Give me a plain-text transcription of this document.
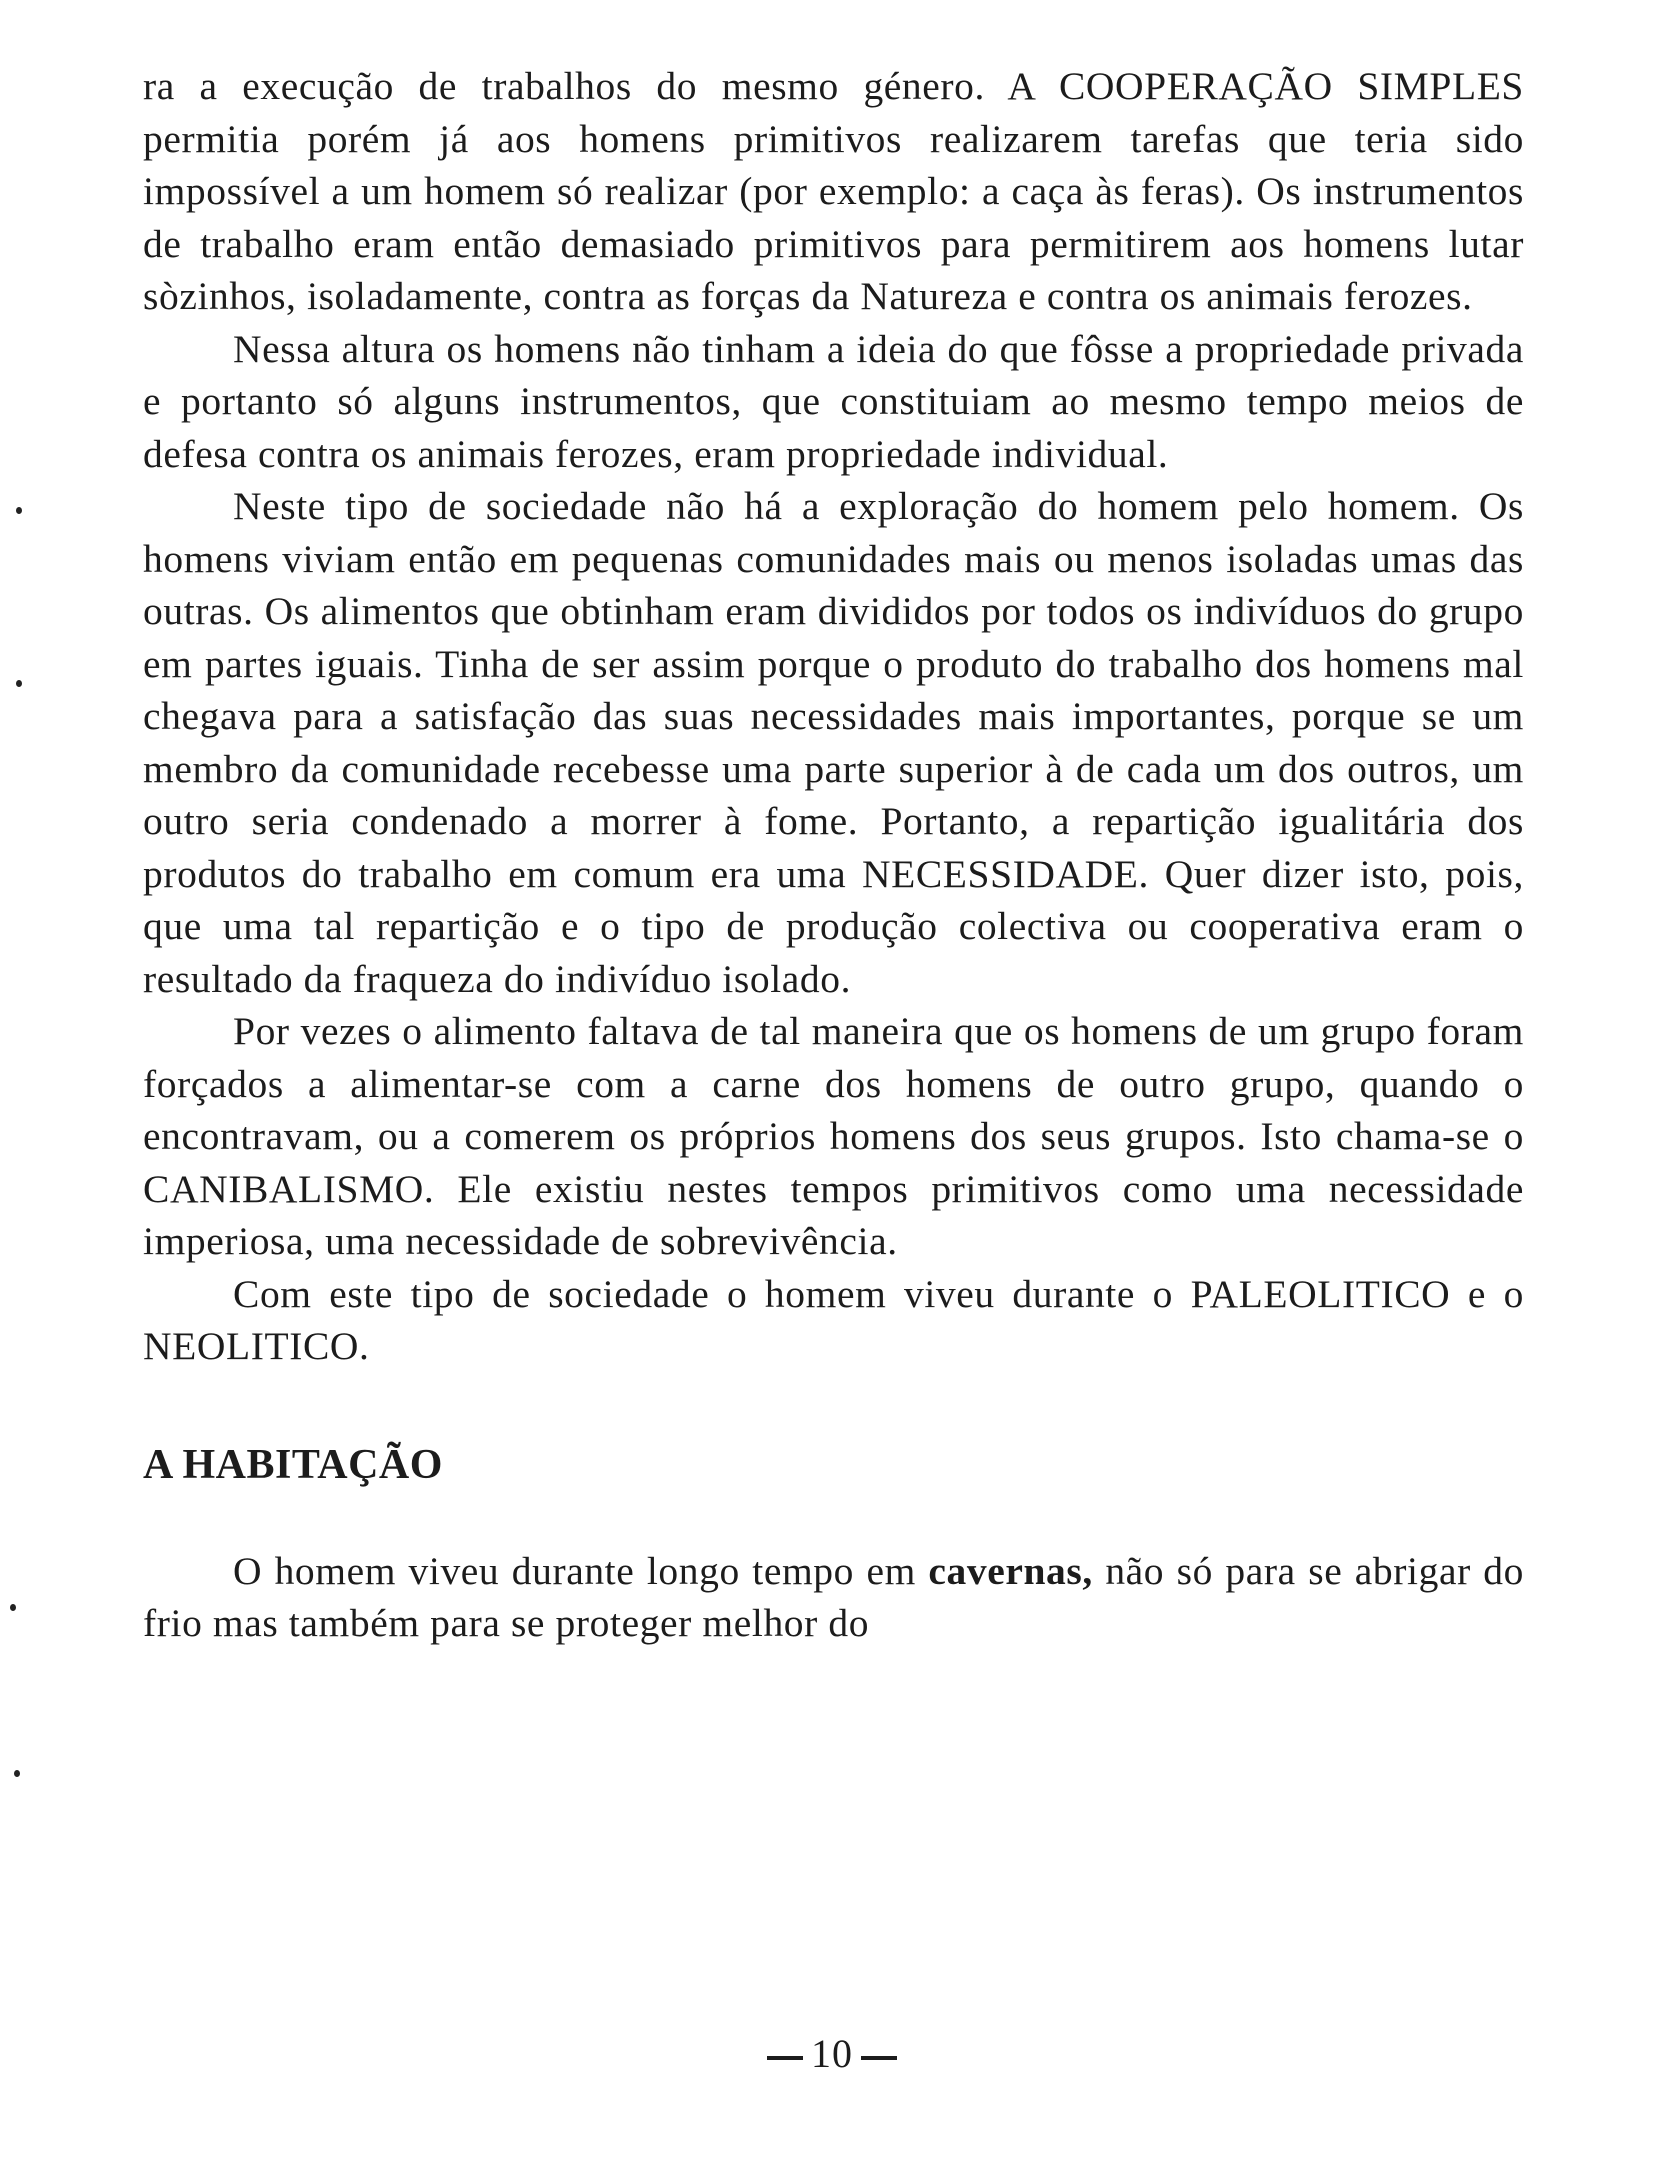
ra a execução de trabalhos do mesmo género. A COOPERAÇÃO SIMPLES permitia porém já aos homens primitivos realizarem tarefas que teria sido impossível a um homem só realizar (por exemplo: a caça às feras). Os instrumentos de trabalho eram então demasiado primitivos para permitirem aos homens lutar sòzinhos, isoladamente, contra as forças da Natureza e contra os animais ferozes.

Nessa altura os homens não tinham a ideia do que fôsse a propriedade privada e portanto só alguns instrumentos, que constituiam ao mesmo tempo meios de defesa contra os animais ferozes, eram propriedade individual.

Neste tipo de sociedade não há a exploração do homem pelo homem. Os homens viviam então em pequenas comunidades mais ou menos isoladas umas das outras. Os alimentos que obtinham eram divididos por todos os indivíduos do grupo em partes iguais. Tinha de ser assim porque o produto do trabalho dos homens mal chegava para a satisfação das suas necessidades mais importantes, porque se um membro da comunidade recebesse uma parte superior à de cada um dos outros, um outro seria condenado a morrer à fome. Portanto, a repartição igualitária dos produtos do trabalho em comum era uma NECESSIDADE. Quer dizer isto, pois, que uma tal repartição e o tipo de produção colectiva ou cooperativa eram o resultado da fraqueza do indivíduo isolado.

Por vezes o alimento faltava de tal maneira que os homens de um grupo foram forçados a alimentar-se com a carne dos homens de outro grupo, quando o encontravam, ou a comerem os próprios homens dos seus grupos. Isto chama-se o CANIBALISMO. Ele existiu nestes tempos primitivos como uma necessidade imperiosa, uma necessidade de sobrevivência.

Com este tipo de sociedade o homem viveu durante o PALEOLITICO e o NEOLITICO.

A HABITAÇÃO

O homem viveu durante longo tempo em cavernas, não só para se abrigar do frio mas também para se proteger melhor do

10
